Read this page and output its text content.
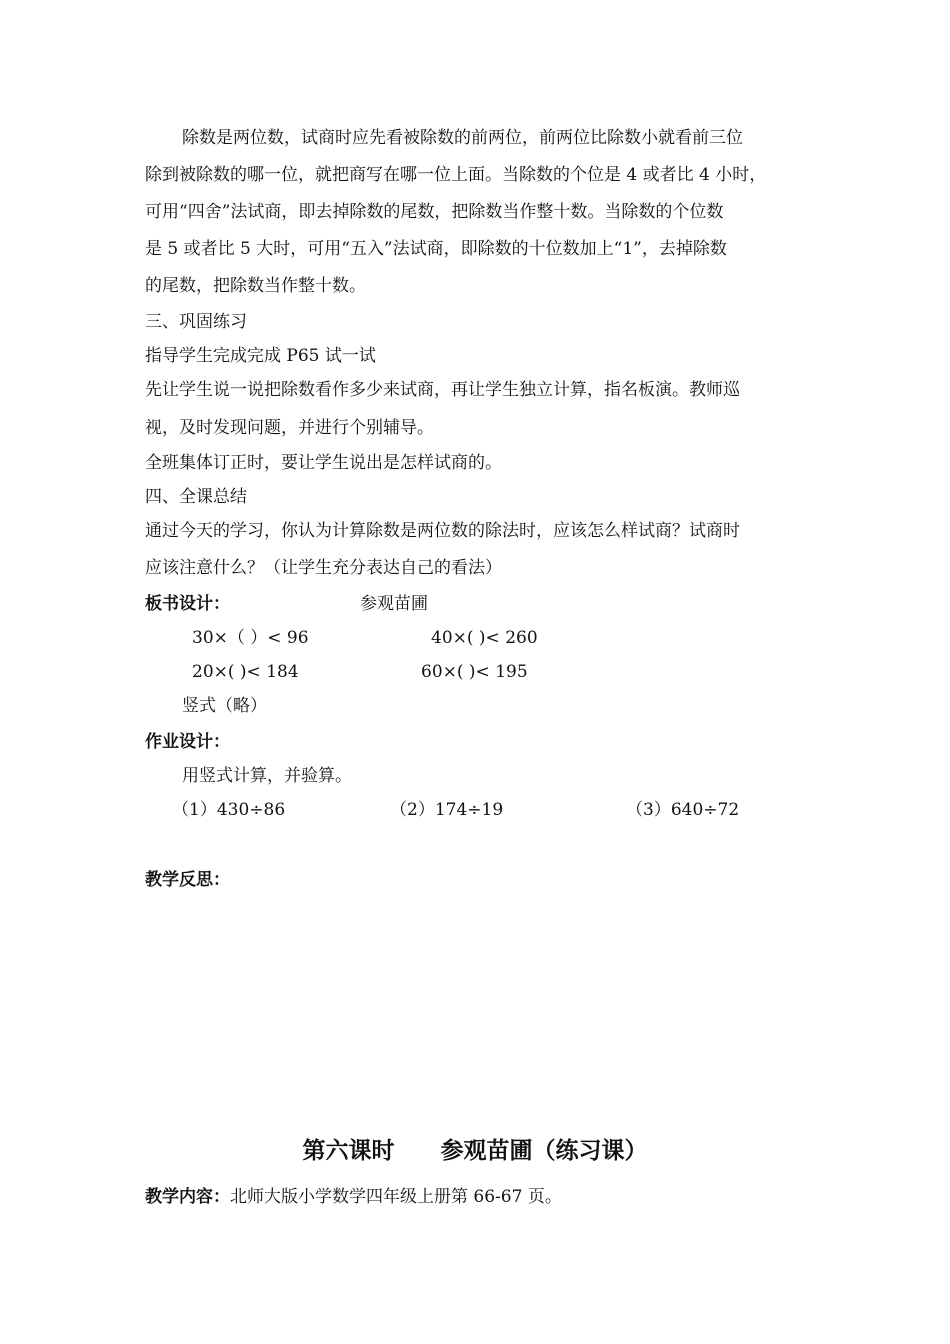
除数是两位数，试商时应先看被除数的前两位，前两位比除数小就看前三位
除到被除数的哪一位，就把商写在哪一位上面。当除数的个位是 4 或者比 4 小时，
可用“四舍”法试商，即去掉除数的尾数，把除数当作整十数。当除数的个位数
是 5 或者比 5 大时，可用“五入”法试商，即除数的十位数加上“1”，去掉除数
的尾数，把除数当作整十数。
三、巩固练习
指导学生完成完成 P65 试一试
先让学生说一说把除数看作多少来试商，再让学生独立计算，指名板演。教师巡
视，及时发现问题，并进行个别辅导。
全班集体订正时，要让学生说出是怎样试商的。
四、全课总结
通过今天的学习，你认为计算除数是两位数的除法时，应该怎么样试商？试商时
应该注意什么？（让学生充分表达自己的看法）
板书设计：	参观苗圃
30×（ ）< 96	40×( )< 260
20×( )< 184	60×( )< 195
竖式（略）
作业设计：
用竖式计算，并验算。
（1）430÷86	（2）174÷19	（3）640÷72
教学反思：
第六课时　　参观苗圃（练习课）
教学内容：北师大版小学数学四年级上册第 66-67 页。
